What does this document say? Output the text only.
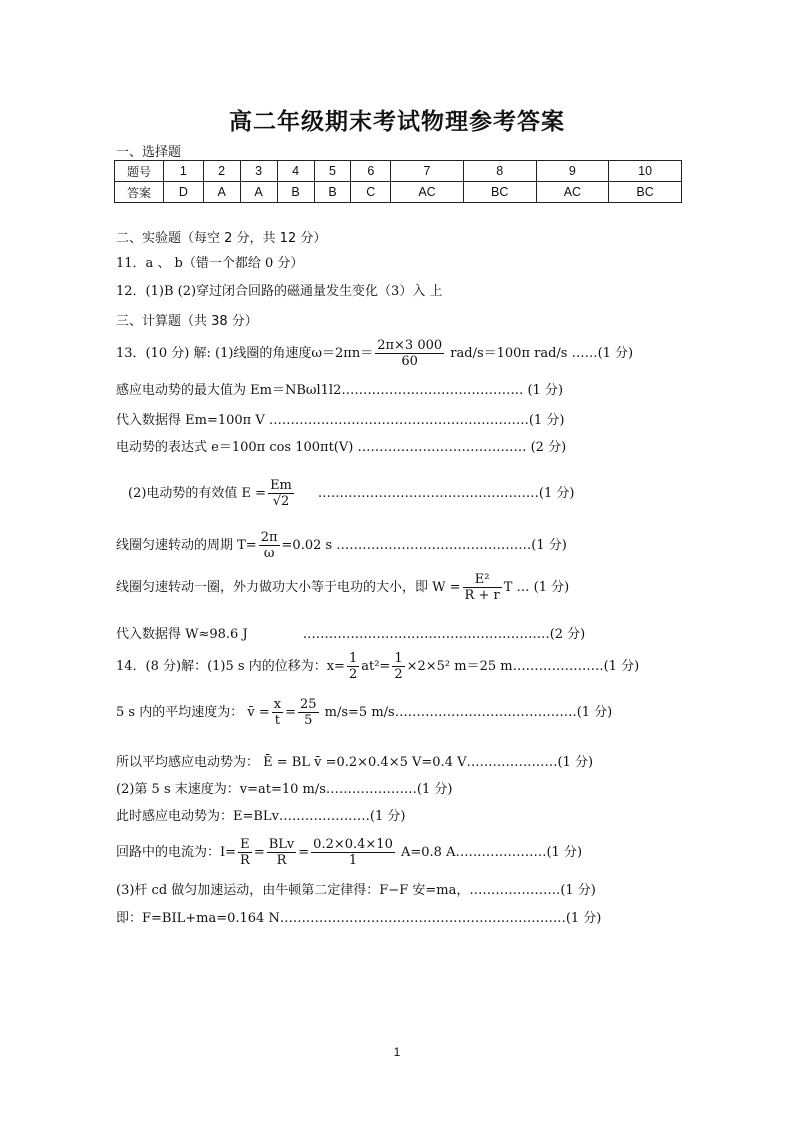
高二年级期末考试物理参考答案
一、选择题
题号	1	2	3	4	5	6	7	8	9	10
答案	D	A	A	B	B	C	AC	BC	AC	BC
二、实验题（每空 2 分，共 12 分）
11．a 、 b（错一个都给 0 分）
12．(1)B (2)穿过闭合回路的磁通量发生变化（3）入 上
三、计算题（共 38 分）
13．(10 分) 解: (1)线圈的角速度$\omega=2\pi n= \frac{2\pi\times 3 000}{60} rad/s=100\pi$ rad/s ……(1 分)
感应电动势的最大值为 Em＝NBωl1l2…………………………………… (1 分)
代入数据得 Em=100π V ……………………………………………………(1 分)
电动势的表达式 e＝100π cos 100πt(V) ………………………………… (2 分)
(2)电动势的有效值 $E = \frac{Em}{√2}$ ……………………………………………(1 分)
线圈匀速转动的周期 $T= \frac{2\pi}{\omega} =0.02$ s ………………………………………(1 分)
线圈匀速转动一圈，外力做功大小等于电功的大小，即 $W = \frac{\text{E²}}{R + r}$ T … (1 分)
代入数据得 W≈98.6 J	…………………………………………………(2 分)
14．(8 分)解：(1)5 s 内的位移为：$x= \frac{1}{2} at^2= \frac{1}{2} \times 2\times 5^2$ m＝25 m…………………(1 分)
5 s 内的平均速度为： v̄ = $\frac{x}{t} = \frac{25}{5} m/s=5$ m/s……………………………………(1 分)
所以平均感应电动势为： Ē = BL v̄ =0.2×0.4×5 V=0.4 V…………………(1 分)
(2)第 5 s 末速度为：v=at=10 m/s…………………(1 分)
此时感应电动势为：E=BLv…………………(1 分)
回路中的电流为：$I= \frac{E}{R} = \frac{\text{BLv}}{R} = \frac{0.2\times 0.4\times 10}{1} A=0.8$ A…………………(1 分)
(3)杆 cd 做匀加速运动，由牛顿第二定律得：F−F 安=ma，…………………(1 分)
即：F=BIL+ma=0.164 N…………………………………………………………(1 分)
1
